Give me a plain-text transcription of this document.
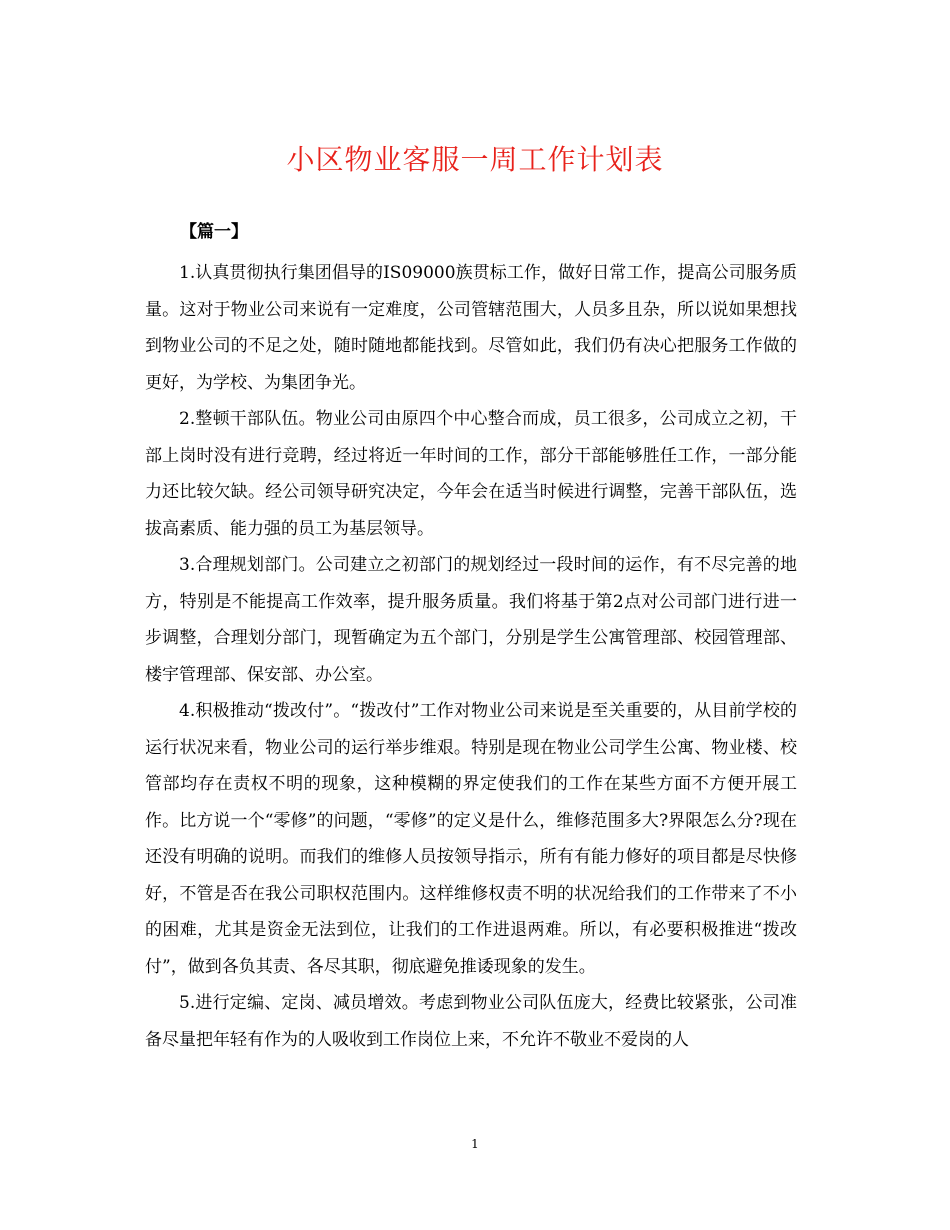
小区物业客服一周工作计划表
【篇一】

1.认真贯彻执行集团倡导的IS09000族贯标工作，做好日常工作，提高公司服务质量。这对于物业公司来说有一定难度，公司管辖范围大，人员多且杂，所以说如果想找到物业公司的不足之处，随时随地都能找到。尽管如此，我们仍有决心把服务工作做的更好，为学校、为集团争光。

2.整顿干部队伍。物业公司由原四个中心整合而成，员工很多，公司成立之初，干部上岗时没有进行竞聘，经过将近一年时间的工作，部分干部能够胜任工作，一部分能力还比较欠缺。经公司领导研究决定，今年会在适当时候进行调整，完善干部队伍，选拔高素质、能力强的员工为基层领导。

3.合理规划部门。公司建立之初部门的规划经过一段时间的运作，有不尽完善的地方，特别是不能提高工作效率，提升服务质量。我们将基于第2点对公司部门进行进一步调整，合理划分部门，现暂确定为五个部门，分别是学生公寓管理部、校园管理部、楼宇管理部、保安部、办公室。

4.积极推动“拨改付”。“拨改付”工作对物业公司来说是至关重要的，从目前学校的运行状况来看，物业公司的运行举步维艰。特别是现在物业公司学生公寓、物业楼、校管部均存在责权不明的现象，这种模糊的界定使我们的工作在某些方面不方便开展工作。比方说一个“零修”的问题，“零修”的定义是什么，维修范围多大?界限怎么分?现在还没有明确的说明。而我们的维修人员按领导指示，所有有能力修好的项目都是尽快修好，不管是否在我公司职权范围内。这样维修权责不明的状况给我们的工作带来了不小的困难，尤其是资金无法到位，让我们的工作进退两难。所以，有必要积极推进“拨改付”，做到各负其责、各尽其职，彻底避免推诿现象的发生。

5.进行定编、定岗、减员增效。考虑到物业公司队伍庞大，经费比较紧张，公司准备尽量把年轻有作为的人吸收到工作岗位上来，不允许不敬业不爱岗的人

1
